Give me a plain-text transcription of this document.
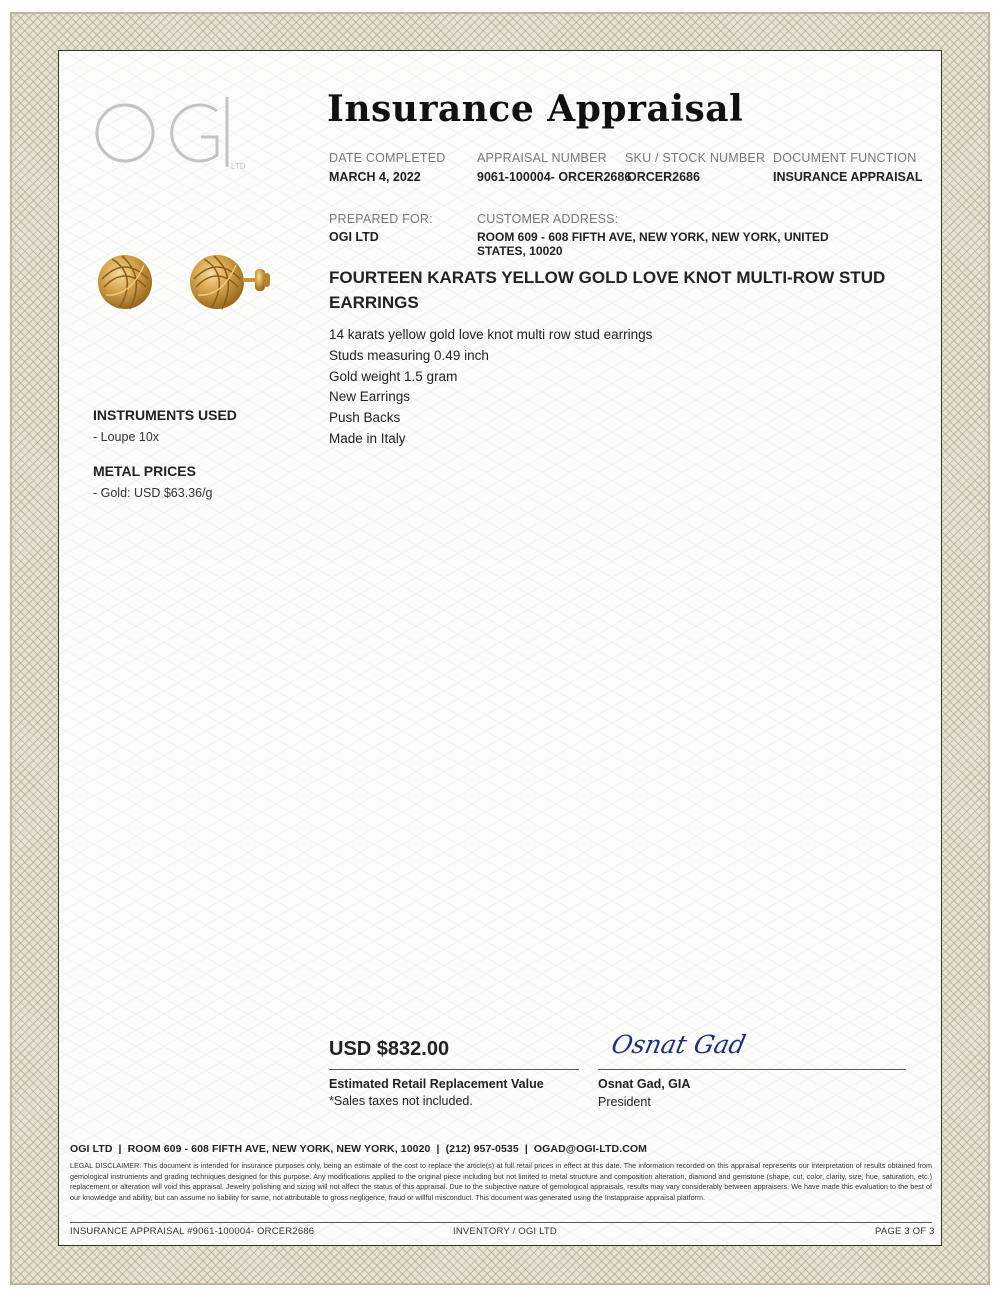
LTD
Insurance Appraisal
DATE COMPLETED
MARCH 4, 2022
APPRAISAL NUMBER
9061-100004- ORCER2686
SKU / STOCK NUMBER
ORCER2686
DOCUMENT FUNCTION
INSURANCE APPRAISAL
PREPARED FOR:
OGI LTD
CUSTOMER ADDRESS:
ROOM 609 - 608 FIFTH AVE, NEW YORK, NEW YORK, UNITED
STATES, 10020
INSTRUMENTS USED
- Loupe 10x
METAL PRICES
- Gold: USD $63.36/g
FOURTEEN KARATS YELLOW GOLD LOVE KNOT MULTI-ROW STUD
EARRINGS
14 karats yellow gold love knot multi row stud earrings
Studs measuring 0.49 inch
Gold weight 1.5 gram
New Earrings
Push Backs
Made in Italy
USD $832.00
Estimated Retail Replacement Value
*Sales taxes not included.
Osnat Gad
Osnat Gad, GIA
President
OGI LTD  |  ROOM 609 - 608 FIFTH AVE, NEW YORK, NEW YORK, 10020  |  (212) 957-0535  |  OGAD@OGI-LTD.COM
LEGAL DISCLAIMER: This document is intended for insurance purposes only, being an estimate of the cost to replace the article(s) at full retail prices in effect at this date. The information recorded on this appraisal represents our interpretation of results obtained from gemological instruments and grading techniques designed for this purpose. Any modifications applied to the original piece including but not limited to metal structure and composition alteration, diamond and gemstone (shape, cut, color, clarity, size, hue, saturation, etc.) replacement or alteration will void this appraisal. Jewelry polishing and sizing will not affect the status of this appraisal. Due to the subjective nature of gemological appraisals, results may vary considerably between appraisers. We have made this evaluation to the best of our knowledge and ability, but can assume no liability for same, not attributable to gross negligence, fraud or willful misconduct. This document was generated using the Instappraise appraisal platform.
INSURANCE APPRAISAL #9061-100004- ORCER2686	INVENTORY / OGI LTD	PAGE 3 OF 3
